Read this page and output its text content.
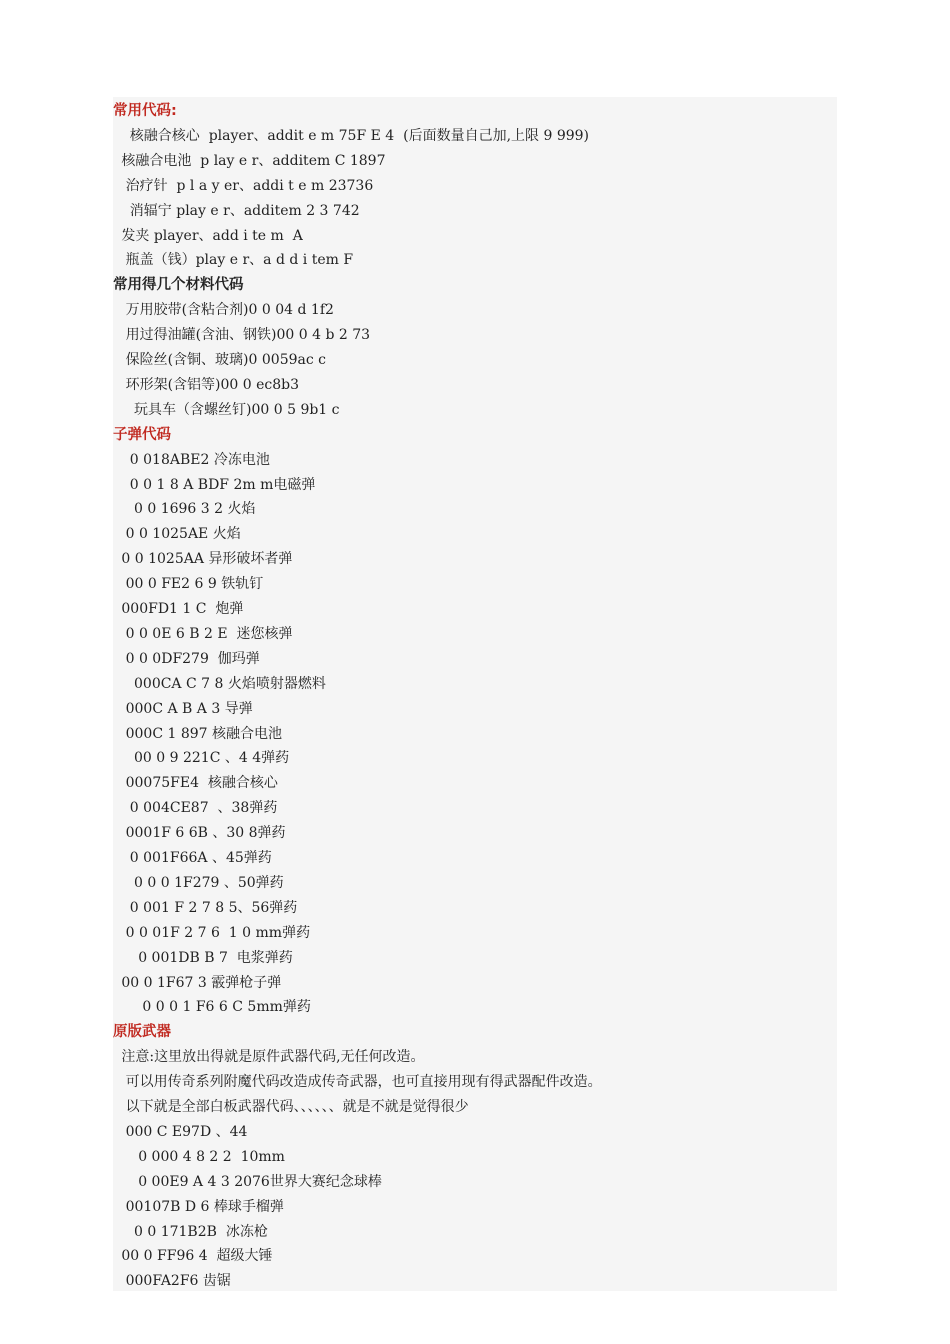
常用代码:
核融合核心  player、addit e m 75F E 4  (后面数量自己加,上限 9 999)
核融合电池  p lay e r、additem C 1897
治疗针  p l a y er、addi t e m 23736
消辐宁 play e r、additem 2 3 742
发夹 player、add i te m  A
瓶盖（钱）play e r、a d d i tem F
常用得几个材料代码
万用胶带(含粘合剂)0 0 04 d 1f2
用过得油罐(含油、钢铁)00 0 4 b 2 73
保险丝(含铜、玻璃)0 0059ac c
环形架(含铝等)00 0 ec8b3
玩具车（含螺丝钉)00 0 5 9b1 c
子弹代码
0 018ABE2 冷冻电池
0 0 1 8 A BDF 2m m电磁弹
0 0 1696 3 2 火焰
0 0 1025AE 火焰
0 0 1025AA 异形破坏者弹
00 0 FE2 6 9 铁轨钉
000FD1 1 C  炮弹
0 0 0E 6 B 2 E  迷您核弹
0 0 0DF279  伽玛弹
000CA C 7 8 火焰喷射器燃料
000C A B A 3 导弹
000C 1 897 核融合电池
00 0 9 221C 、4 4弹药
00075FE4  核融合核心
0 004CE87  、38弹药
0001F 6 6B 、30 8弹药
0 001F66A 、45弹药
0 0 0 1F279 、50弹药
0 001 F 2 7 8 5、56弹药
0 0 01F 2 7 6  1 0 mm弹药
0 001DB B 7  电浆弹药
00 0 1F67 3 霰弹枪子弹
0 0 0 1 F6 6 C 5mm弹药
原版武器
注意:这里放出得就是原件武器代码,无任何改造。
可以用传奇系列附魔代码改造成传奇武器，也可直接用现有得武器配件改造。
以下就是全部白板武器代码、、、、、、就是不就是觉得很少
000 C E97D 、44
0 000 4 8 2 2  10mm
0 00E9 A 4 3 2076世界大赛纪念球棒
00107B D 6 棒球手榴弹
0 0 171B2B  冰冻枪
00 0 FF96 4  超级大锤
000FA2F6 齿锯
